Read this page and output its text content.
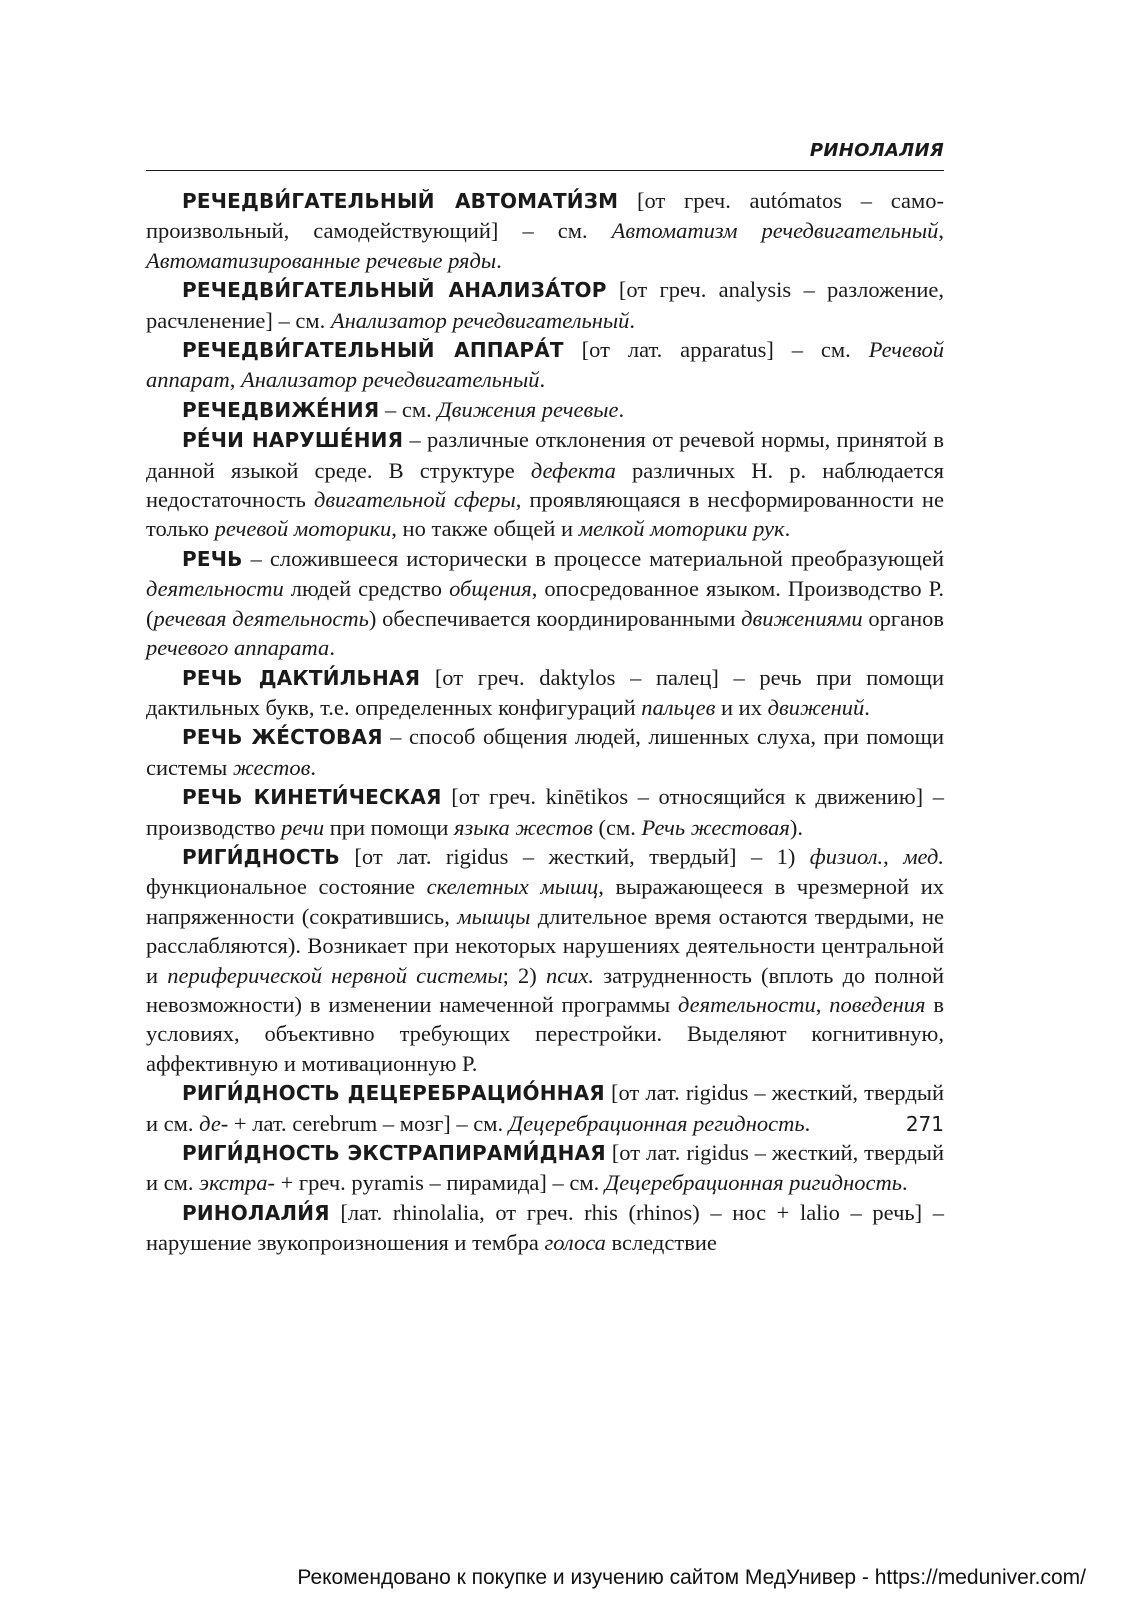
РИНОЛАЛИЯ

РЕЧЕДВИ́ГАТЕЛЬНЫЙ АВТОМАТИ́ЗМ [от греч. autómatos – самопроизвольный, самодействующий] – см. Автоматизм речедвигательный, Автоматизированные речевые ряды.

РЕЧЕДВИ́ГАТЕЛЬНЫЙ АНАЛИЗА́ТОР [от греч. analysis – разложение, расчленение] – см. Анализатор речедвигательный.

РЕЧЕДВИ́ГАТЕЛЬНЫЙ АППАРА́Т [от лат. apparatus] – см. Речевой аппарат, Анализатор речедвигательный.

РЕЧЕДВИЖЕ́НИЯ – см. Движения речевые.

РЕ́ЧИ НАРУШЕ́НИЯ – различные отклонения от речевой нормы, принятой в данной языкой среде. В структуре дефекта различных Н. р. наблюдается недостаточность двигательной сферы, проявляющаяся в несформированности не только речевой моторики, но также общей и мелкой моторики рук.

РЕЧЬ – сложившееся исторически в процессе материальной преобразующей деятельности людей средство общения, опосредованное языком. Производство Р. (речевая деятельность) обеспечивается координированными движениями органов речевого аппарата.

РЕЧЬ ДАКТИ́ЛЬНАЯ [от греч. daktylos – палец] – речь при помощи дактильных букв, т.е. определенных конфигураций пальцев и их движений.

РЕЧЬ ЖЕ́СТОВАЯ – способ общения людей, лишенных слуха, при помощи системы жестов.

РЕЧЬ КИНЕТИ́ЧЕСКАЯ [от греч. kinētikos – относящийся к движению] – производство речи при помощи языка жестов (см. Речь жестовая).

РИГИ́ДНОСТЬ [от лат. rigidus – жесткий, твердый] – 1) физиол., мед. функциональное состояние скелетных мышц, выражающееся в чрезмерной их напряженности (сократившись, мышцы длительное время остаются твердыми, не расслабляются). Возникает при некоторых нарушениях деятельности центральной и периферической нервной системы; 2) псих. затрудненность (вплоть до полной невозможности) в изменении намеченной программы деятельности, поведения в условиях, объективно требующих перестройки. Выделяют когнитивную, аффективную и мотивационную Р.

РИГИ́ДНОСТЬ ДЕЦЕРЕБРАЦИО́ННАЯ [от лат. rigidus – жесткий, твердый и см. де- + лат. cerebrum – мозг] – см. Децеребрационная регидность.

РИГИ́ДНОСТЬ ЭКСТРАПИРАМИ́ДНАЯ [от лат. rigidus – жесткий, твердый и см. экстра- + греч. pyramis – пирамида] – см. Децеребрационная ригидность.

РИНОЛАЛИ́Я [лат. rhinolalia, от греч. rhis (rhinos) – нос + lalio – речь] – нарушение звукопроизношения и тембра голоса вследствие

271
Рекомендовано к покупке и изучению сайтом МедУнивер - https://meduniver.com/
